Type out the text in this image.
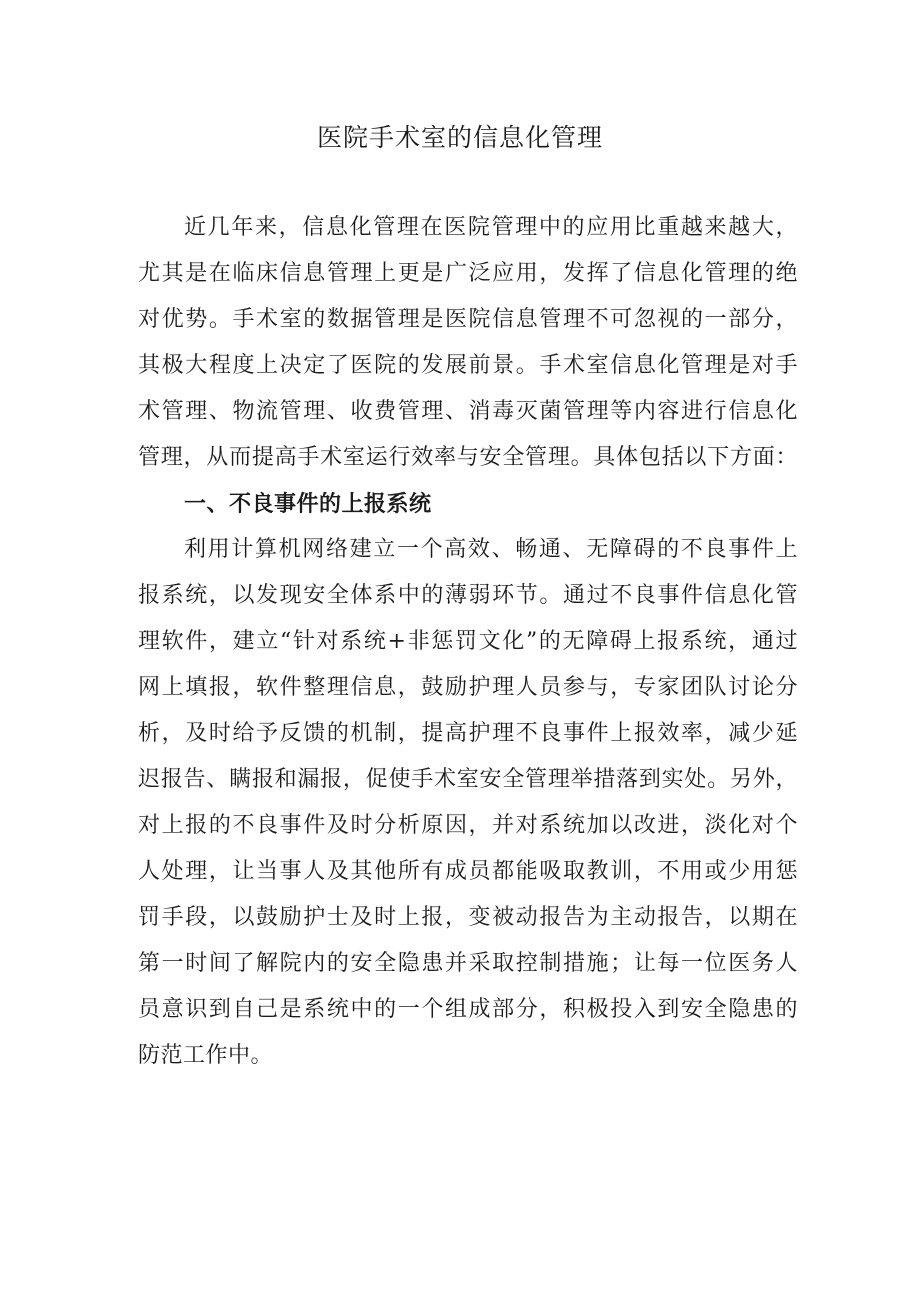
医院手术室的信息化管理
近几年来，信息化管理在医院管理中的应用比重越来越大，
尤其是在临床信息管理上更是广泛应用，发挥了信息化管理的绝
对优势。手术室的数据管理是医院信息管理不可忽视的一部分，
其极大程度上决定了医院的发展前景。手术室信息化管理是对手
术管理、物流管理、收费管理、消毒灭菌管理等内容进行信息化
管理，从而提高手术室运行效率与安全管理。具体包括以下方面：
一、不良事件的上报系统
利用计算机网络建立一个高效、畅通、无障碍的不良事件上
报系统，以发现安全体系中的薄弱环节。通过不良事件信息化管
理软件，建立“针对系统+非惩罚文化”的无障碍上报系统，通过
网上填报，软件整理信息，鼓励护理人员参与，专家团队讨论分
析，及时给予反馈的机制，提高护理不良事件上报效率，减少延
迟报告、瞒报和漏报，促使手术室安全管理举措落到实处。另外，
对上报的不良事件及时分析原因，并对系统加以改进，淡化对个
人处理，让当事人及其他所有成员都能吸取教训，不用或少用惩
罚手段，以鼓励护士及时上报，变被动报告为主动报告，以期在
第一时间了解院内的安全隐患并采取控制措施；让每一位医务人
员意识到自己是系统中的一个组成部分，积极投入到安全隐患的
防范工作中。
